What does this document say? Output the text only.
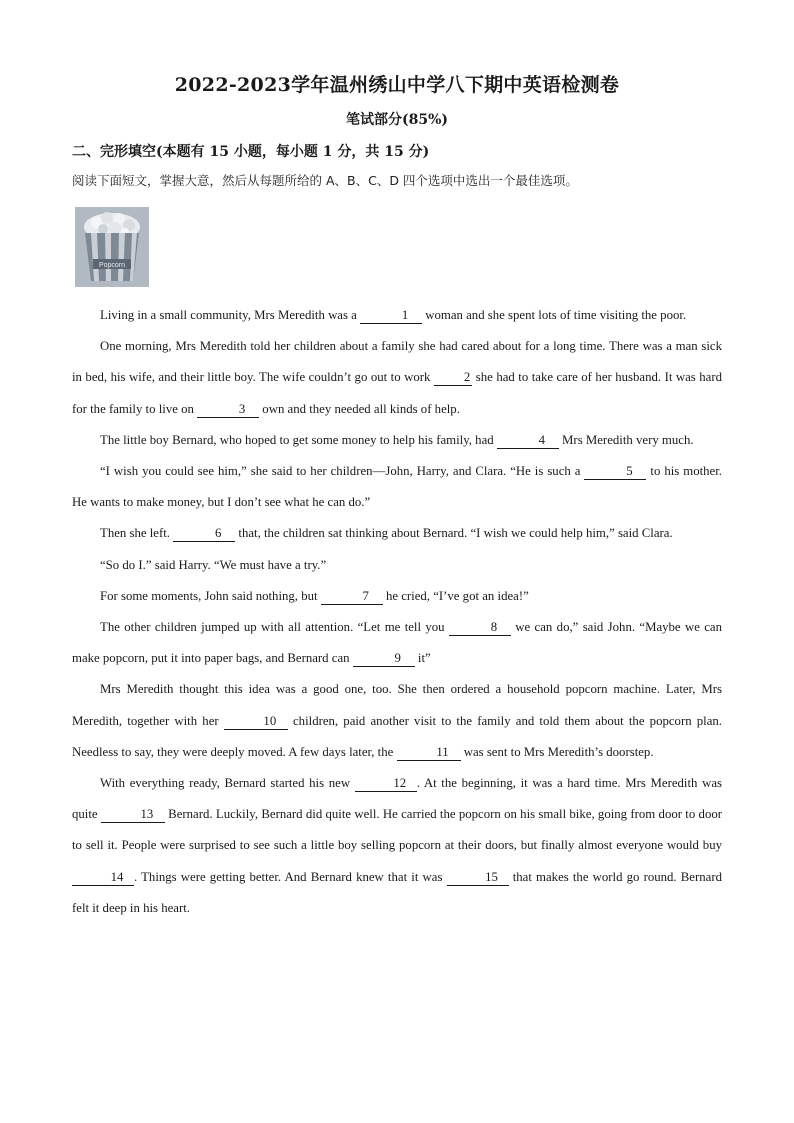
2022-2023学年温州绣山中学八下期中英语检测卷
笔试部分(85%)
二、完形填空(本题有 15 小题，每小题 1 分，共 15 分)
阅读下面短文，掌握大意，然后从每题所给的 A、B、C、D 四个选项中选出一个最佳选项。
Popcorn

Living in a small community, Mrs Meredith was a	1 woman and she spent lots of time visiting the poor.

One morning, Mrs Meredith told her children about a family she had cared about for a long time. There was a man sick in bed, his wife, and their little boy. The wife couldn’t go out to work 2 she had to take care of her husband. It was hard for the family to live on	3 own and they needed all kinds of help.

The little boy Bernard, who hoped to get some money to help his family, had	4 Mrs Meredith very much.

“I wish you could see him,” she said to her children—John, Harry, and Clara. “He is such a	5 to his mother. He wants to make money, but I don’t see what he can do.”

Then she left.	6 that, the children sat thinking about Bernard. “I wish we could help him,” said Clara.

“So do I.” said Harry. “We must have a try.”

For some moments, John said nothing, but	7 he cried, “I’ve got an idea!”

The other children jumped up with all attention. “Let me tell you	8 we can do,” said John. “Maybe we can make popcorn, put it into paper bags, and Bernard can	9 it”

Mrs Meredith thought this idea was a good one, too. She then ordered a household popcorn machine. Later, Mrs Meredith, together with her	10 children, paid another visit to the family and told them about the popcorn plan. Needless to say, they were deeply moved. A few days later, the	11 was sent to Mrs Meredith’s doorstep.

With everything ready, Bernard started his new	12 . At the beginning, it was a hard time. Mrs Meredith was quite	13 Bernard. Luckily, Bernard did quite well. He carried the popcorn on his small bike, going from door to door to sell it. People were surprised to see such a little boy selling popcorn at their doors, but finally almost everyone would buy 14 . Things were getting better. And Bernard knew that it was	15 that makes the world go round. Bernard felt it deep in his heart.
